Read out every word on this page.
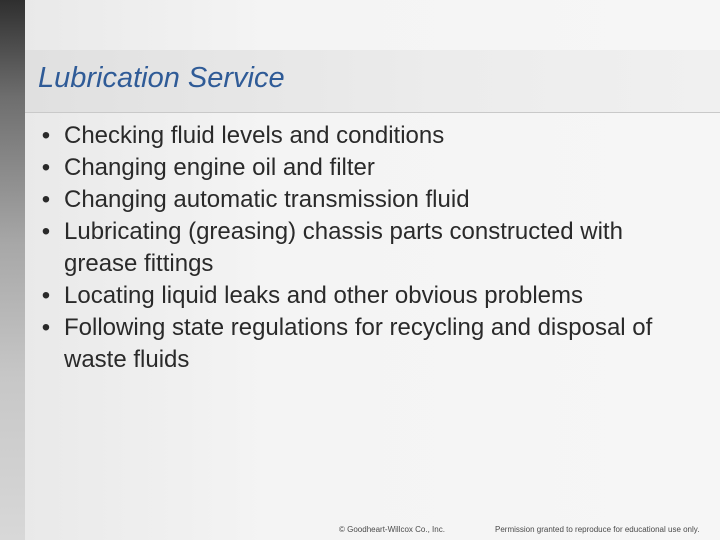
Lubrication Service
• Checking fluid levels and conditions
• Changing engine oil and filter
• Changing automatic transmission fluid
• Lubricating (greasing) chassis parts constructed with grease fittings
• Locating liquid leaks and other obvious problems
• Following state regulations for recycling and disposal of waste fluids
© Goodheart-Willcox Co., Inc.	Permission granted to reproduce for educational use only.
